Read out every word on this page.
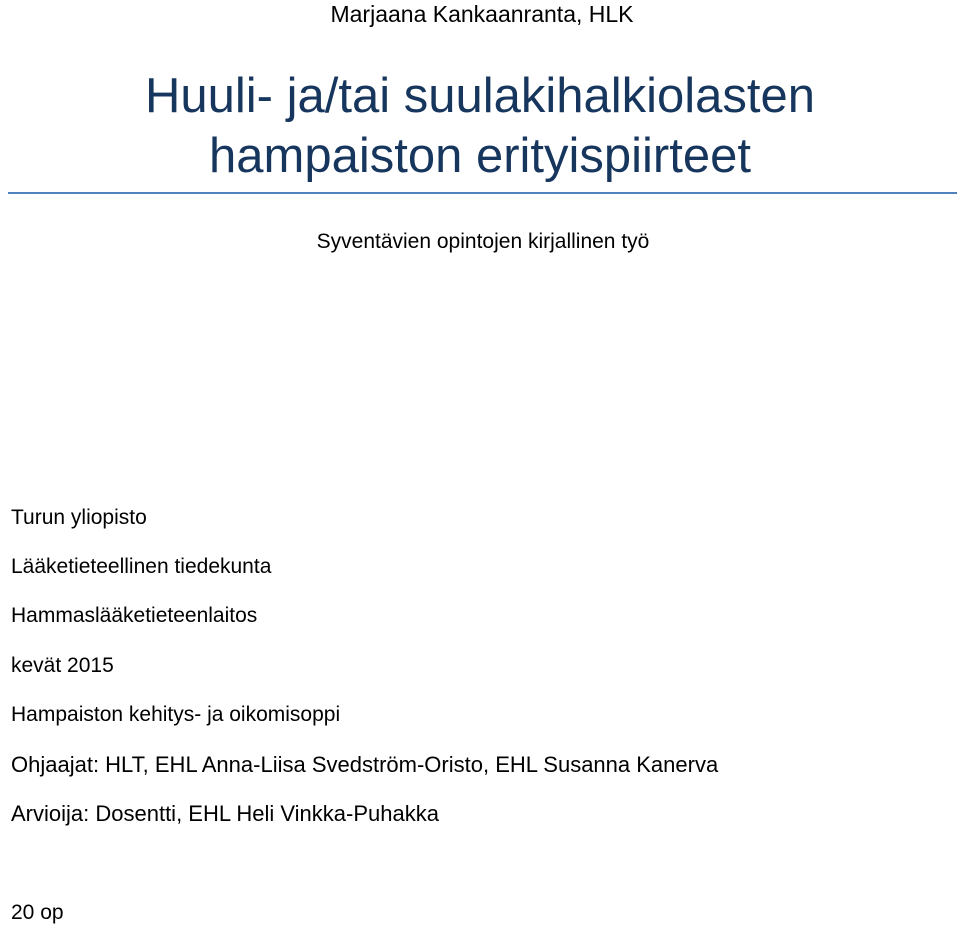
Marjaana Kankaanranta, HLK
Huuli- ja/tai suulakihalkiolasten
hampaiston erityispiirteet
Syventävien opintojen kirjallinen työ
Turun yliopisto
Lääketieteellinen tiedekunta
Hammaslääketieteenlaitos
kevät 2015
Hampaiston kehitys- ja oikomisoppi
Ohjaajat: HLT, EHL Anna-Liisa Svedström-Oristo, EHL Susanna Kanerva
Arvioija: Dosentti, EHL Heli Vinkka-Puhakka
20 op
